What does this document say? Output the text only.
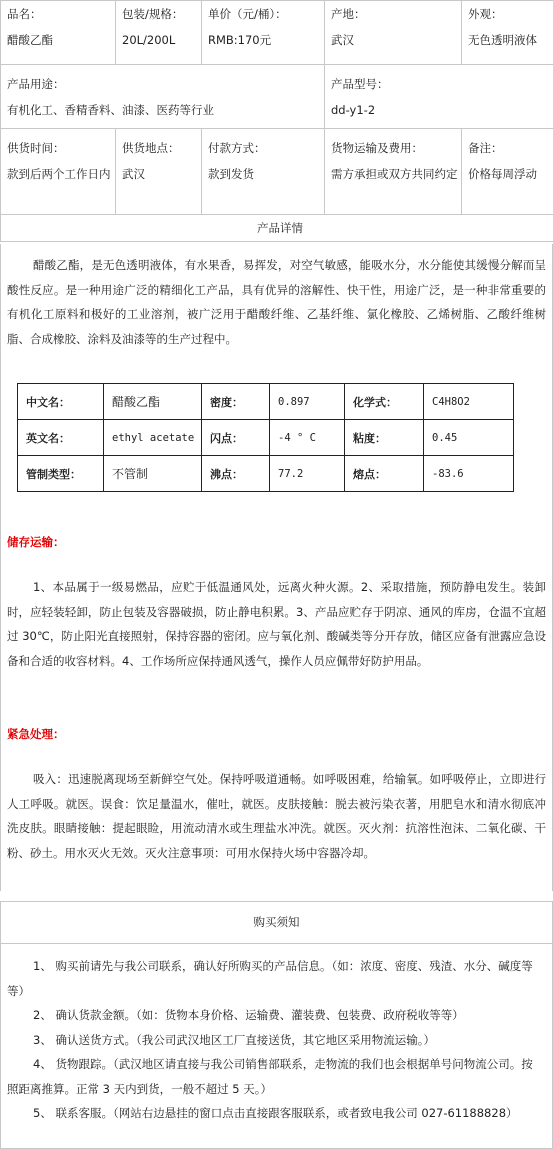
品名：
醋酸乙酯	包装/规格：
20L/200L	单价（元/桶）：
RMB:170元	产地：
武汉	外观：
无色透明液体

产品用途：
有机化工、香精香料、油漆、医药等行业			产品型号：
dd-y1-2	

供货时间：
款到后两个工作日内	供货地点：
武汉	付款方式：
款到发货	货物运输及费用：
需方承担或双方共同约定	备注：
价格每周浮动

产品详情				

醋酸乙酯，是无色透明液体，有水果香，易挥发，对空气敏感，能吸水分，水分能使其缓慢分解而呈酸性反应。是一种用途广泛的精细化工产品，具有优异的溶解性、快干性，用途广泛，是一种非常重要的有机化工原料和极好的工业溶剂，被广泛用于醋酸纤维、乙基纤维、氯化橡胶、乙烯树脂、乙酸纤维树脂、合成橡胶、涂料及油漆等的生产过程中。

中文名：	醋酸乙酯	密度：	0.897	化学式：	C4H8O2
英文名：	ethyl acetate	闪点：	-4 ° C	粘度：	0.45
管制类型：	不管制	沸点：	77.2	熔点：	-83.6

储存运输：

1、本品属于一级易燃品，应贮于低温通风处，远离火种火源。2、采取措施，预防静电发生。装卸时，应轻装轻卸，防止包装及容器破损，防止静电积累。3、产品应贮存于阴凉、通风的库房，仓温不宜超过 30℃，防止阳光直接照射，保持容器的密闭。应与氧化剂、酸碱类等分开存放，储区应备有泄露应急设备和合适的收容材料。4、工作场所应保持通风透气，操作人员应佩带好防护用品。

紧急处理：

吸入：迅速脱离现场至新鲜空气处。保持呼吸道通畅。如呼吸困难，给输氧。如呼吸停止，立即进行人工呼吸。就医。误食：饮足量温水，催吐，就医。皮肤接触：脱去被污染衣著，用肥皂水和清水彻底冲洗皮肤。眼睛接触：提起眼睑，用流动清水或生理盐水冲洗。就医。灭火剂：抗溶性泡沫、二氧化碳、干粉、砂土。用水灭火无效。灭火注意事项：可用水保持火场中容器冷却。

购买须知

1、 购买前请先与我公司联系，确认好所购买的产品信息。（如：浓度、密度、残渣、水分、碱度等等）

2、 确认货款金额。（如：货物本身价格、运输费、灌装费、包装费、政府税收等等）

3、 确认送货方式。（我公司武汉地区工厂直接送货，其它地区采用物流运输。）

4、 货物跟踪。（武汉地区请直接与我公司销售部联系，走物流的我们也会根据单号问物流公司。按照距离推算。正常 3 天内到货，一般不超过 5 天。）

5、 联系客服。（网站右边悬挂的窗口点击直接跟客服联系，或者致电我公司 027-61188828）
